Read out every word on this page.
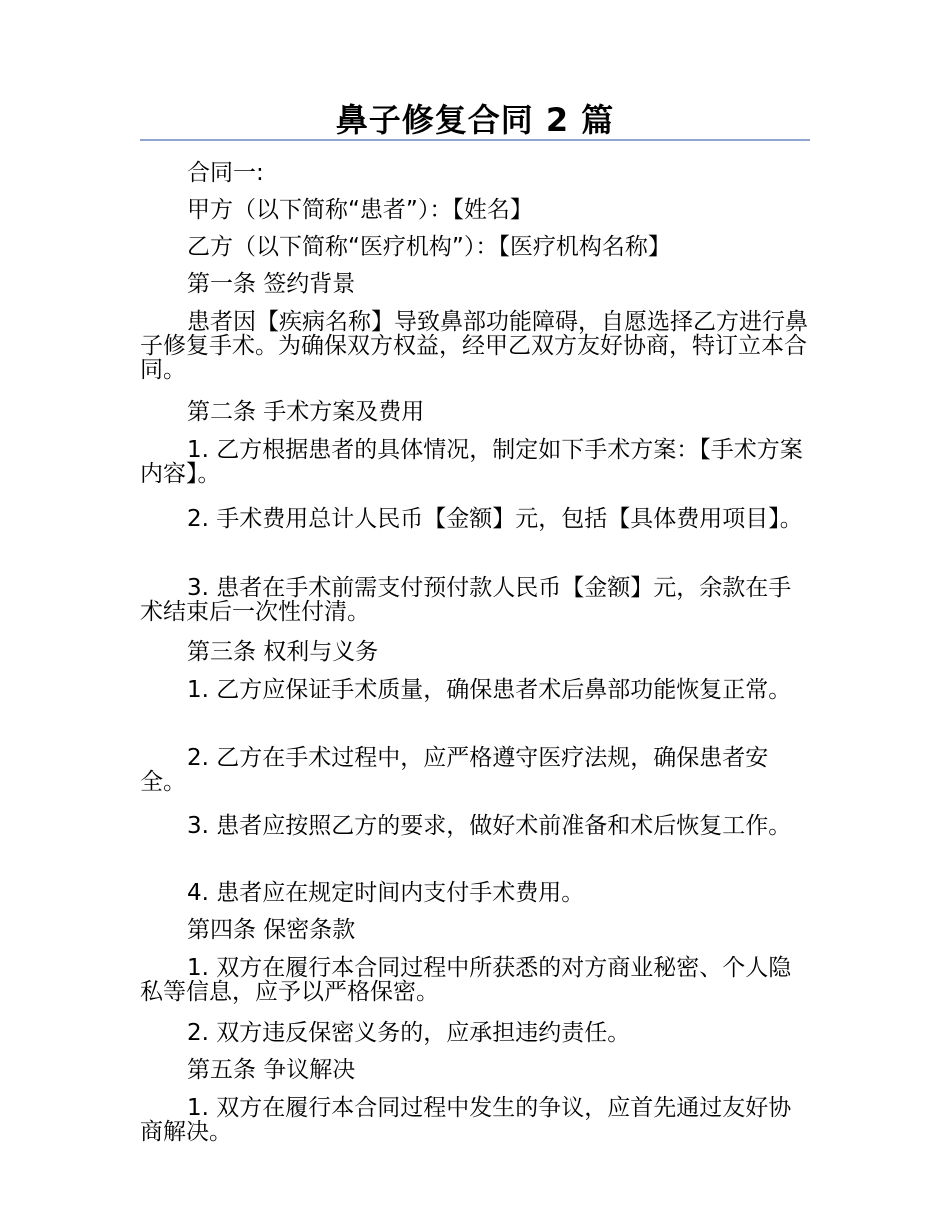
鼻子修复合同 2 篇

合同一:

甲方（以下简称“患者”）：【姓名】

乙方（以下简称“医疗机构”）：【医疗机构名称】

第一条 签约背景

患者因【疾病名称】导致鼻部功能障碍，自愿选择乙方进行鼻子修复手术。为确保双方权益，经甲乙双方友好协商，特订立本合同。

第二条 手术方案及费用

1. 乙方根据患者的具体情况，制定如下手术方案：【手术方案内容】。

2. 手术费用总计人民币【金额】元，包括【具体费用项目】。

3. 患者在手术前需支付预付款人民币【金额】元，余款在手术结束后一次性付清。

第三条 权利与义务

1. 乙方应保证手术质量，确保患者术后鼻部功能恢复正常。

2. 乙方在手术过程中，应严格遵守医疗法规，确保患者安全。

3. 患者应按照乙方的要求，做好术前准备和术后恢复工作。

4. 患者应在规定时间内支付手术费用。

第四条 保密条款

1. 双方在履行本合同过程中所获悉的对方商业秘密、个人隐私等信息，应予以严格保密。

2. 双方违反保密义务的，应承担违约责任。

第五条 争议解决

1. 双方在履行本合同过程中发生的争议，应首先通过友好协商解决。
